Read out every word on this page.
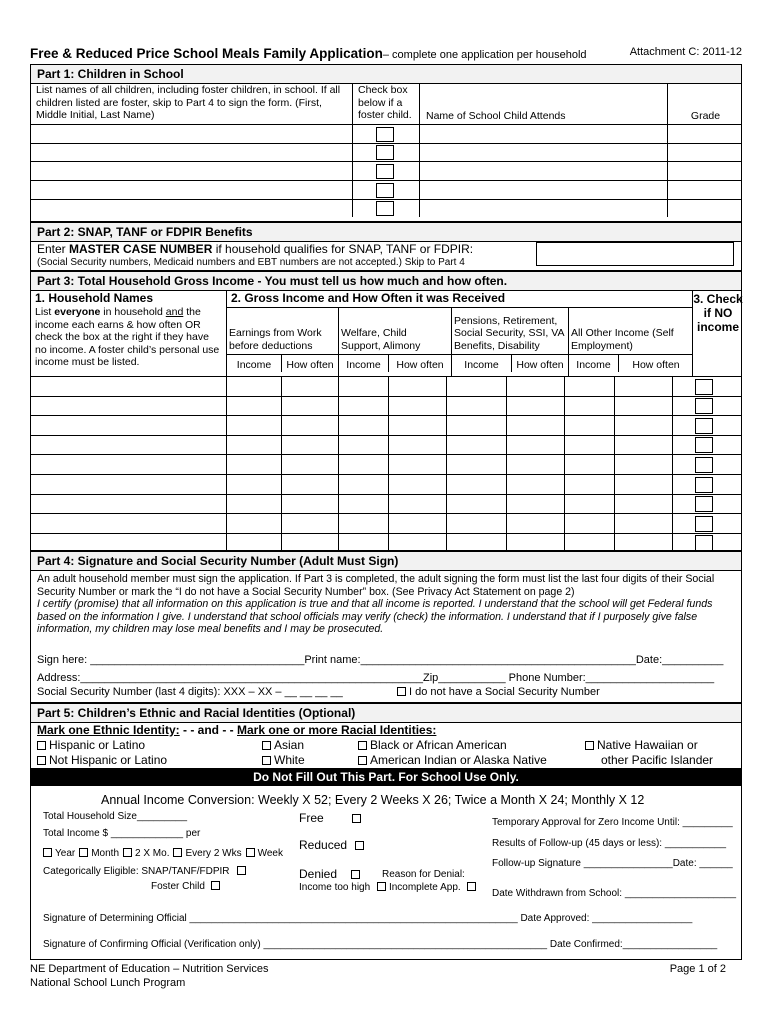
Free & Reduced Price School Meals Family Application– complete one application per household	Attachment C: 2011-12
Part 1: Children in School
List names of all children, including foster children, in school. If all children listed are foster, skip to Part 4 to sign the form. (First, Middle Initial, Last Name)
Check box below if a foster child.	Name of School Child Attends	Grade
Part 2: SNAP, TANF or FDPIR Benefits
Enter MASTER CASE NUMBER if household qualifies for SNAP, TANF or FDPIR:
(Social Security numbers, Medicaid numbers and EBT numbers are not accepted.) Skip to Part 4
Part 3: Total Household Gross Income - You must tell us how much and how often.
1. Household Names
List everyone in household and the income each earns & how often OR check the box at the right if they have no income. A foster child’s personal use income must be listed.
2. Gross Income and How Often it was Received
Earnings from Work before deductions
Income	How often
Welfare, Child Support, Alimony
Income	How often
Pensions, Retirement, Social Security, SSI, VA Benefits, Disability
Income	How often
All Other Income (Self Employment)
Income	How often
3. Check if NO income
Part 4: Signature and Social Security Number (Adult Must Sign)
An adult household member must sign the application. If Part 3 is completed, the adult signing the form must list the last four digits of their Social Security Number or mark the “I do not have a Social Security Number” box. (See Privacy Act Statement on page 2)
I certify (promise) that all information on this application is true and that all income is reported. I understand that the school will get Federal funds based on the information I give. I understand that school officials may verify (check) the information. I understand that if I purposely give false information, my children may lose meal benefits and I may be prosecuted.
Sign here: ___________________________________Print name:_____________________________________________Date:__________
Address:________________________________________________________Zip___________ Phone Number:_____________________
Social Security Number (last 4 digits): XXX – XX – __ __ __ __	I do not have a Social Security Number
Part 5: Children’s Ethnic and Racial Identities (Optional)
Mark one Ethnic Identity: - - and - - Mark one or more Racial Identities:
Hispanic or Latino
Not Hispanic or Latino
Asian
White
Black or African American
American Indian or Alaska Native
Native Hawaiian or
other Pacific Islander
Do Not Fill Out This Part. For School Use Only.
Annual Income Conversion: Weekly X 52; Every 2 Weeks X 26; Twice a Month X 24; Monthly X 12
Total Household Size_________
Total Income $ _____________ per
Year Month 2 X Mo. Every 2 Wks Week
Categorically Eligible: SNAP/TANF/FDPIR
Foster Child
Free
Reduced
Denied	Reason for Denial:
Income too high Incomplete App.
Temporary Approval for Zero Income Until: _________
Results of Follow-up (45 days or less): ___________
Follow-up Signature ________________Date: ______
Date Withdrawn from School: ____________________
Signature of Determining Official ___________________________________________________________ Date Approved: __________________
Signature of Confirming Official (Verification only) ___________________________________________________ Date Confirmed:_________________
NE Department of Education – Nutrition Services
National School Lunch Program
Page 1 of 2
